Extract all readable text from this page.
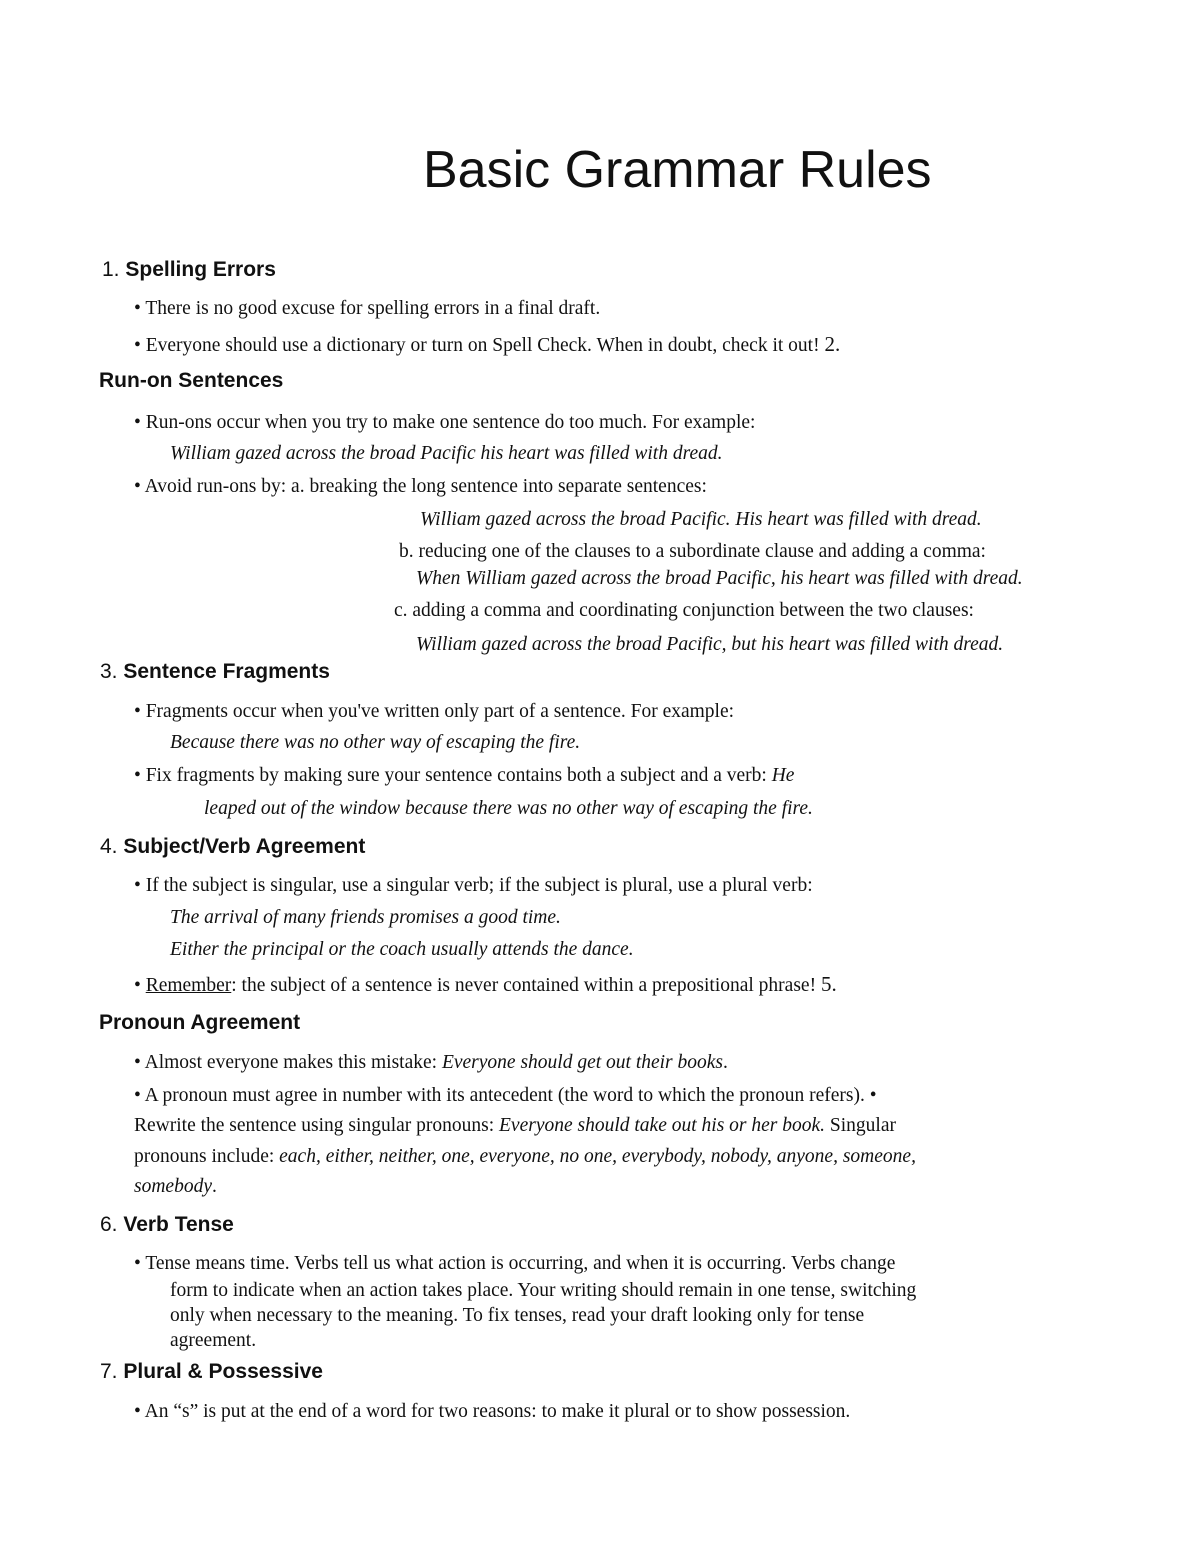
Basic Grammar Rules
1. Spelling Errors
• There is no good excuse for spelling errors in a final draft.
• Everyone should use a dictionary or turn on Spell Check. When in doubt, check it out! 2.
Run-on Sentences
• Run-ons occur when you try to make one sentence do too much. For example:
William gazed across the broad Pacific his heart was filled with dread.
• Avoid run-ons by: a. breaking the long sentence into separate sentences:
William gazed across the broad Pacific. His heart was filled with dread.
b. reducing one of the clauses to a subordinate clause and adding a comma:
When William gazed across the broad Pacific, his heart was filled with dread.
c. adding a comma and coordinating conjunction between the two clauses:
William gazed across the broad Pacific, but his heart was filled with dread.
3. Sentence Fragments
• Fragments occur when you've written only part of a sentence. For example:
Because there was no other way of escaping the fire.
• Fix fragments by making sure your sentence contains both a subject and a verb: He
leaped out of the window because there was no other way of escaping the fire.
4. Subject/Verb Agreement
• If the subject is singular, use a singular verb; if the subject is plural, use a plural verb:
The arrival of many friends promises a good time.
Either the principal or the coach usually attends the dance.
• Remember: the subject of a sentence is never contained within a prepositional phrase! 5.
Pronoun Agreement
• Almost everyone makes this mistake: Everyone should get out their books.
• A pronoun must agree in number with its antecedent (the word to which the pronoun refers). •
Rewrite the sentence using singular pronouns: Everyone should take out his or her book. Singular
pronouns include: each, either, neither, one, everyone, no one, everybody, nobody, anyone, someone,
somebody.
6. Verb Tense
• Tense means time. Verbs tell us what action is occurring, and when it is occurring. Verbs change
form to indicate when an action takes place. Your writing should remain in one tense, switching
only when necessary to the meaning. To fix tenses, read your draft looking only for tense
agreement.
7. Plural & Possessive
• An “s” is put at the end of a word for two reasons: to make it plural or to show possession.
